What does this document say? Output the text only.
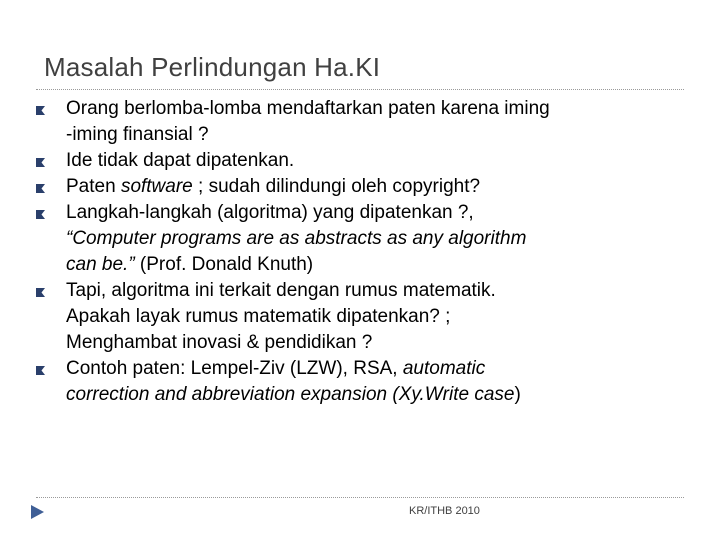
Masalah Perlindungan Ha.KI
Orang berlomba-lomba mendaftarkan paten karena iming
-iming finansial ?
Ide tidak dapat dipatenkan.
Paten software ; sudah dilindungi oleh copyright?
Langkah-langkah (algoritma) yang dipatenkan ?,
“Computer programs are as abstracts as any algorithm
can be.” (Prof. Donald Knuth)
Tapi, algoritma ini terkait dengan rumus matematik.
Apakah layak rumus matematik dipatenkan? ;
Menghambat inovasi & pendidikan ?
Contoh paten: Lempel-Ziv (LZW), RSA, automatic
correction and abbreviation expansion (Xy.Write case)
KR/ITHB 2010
